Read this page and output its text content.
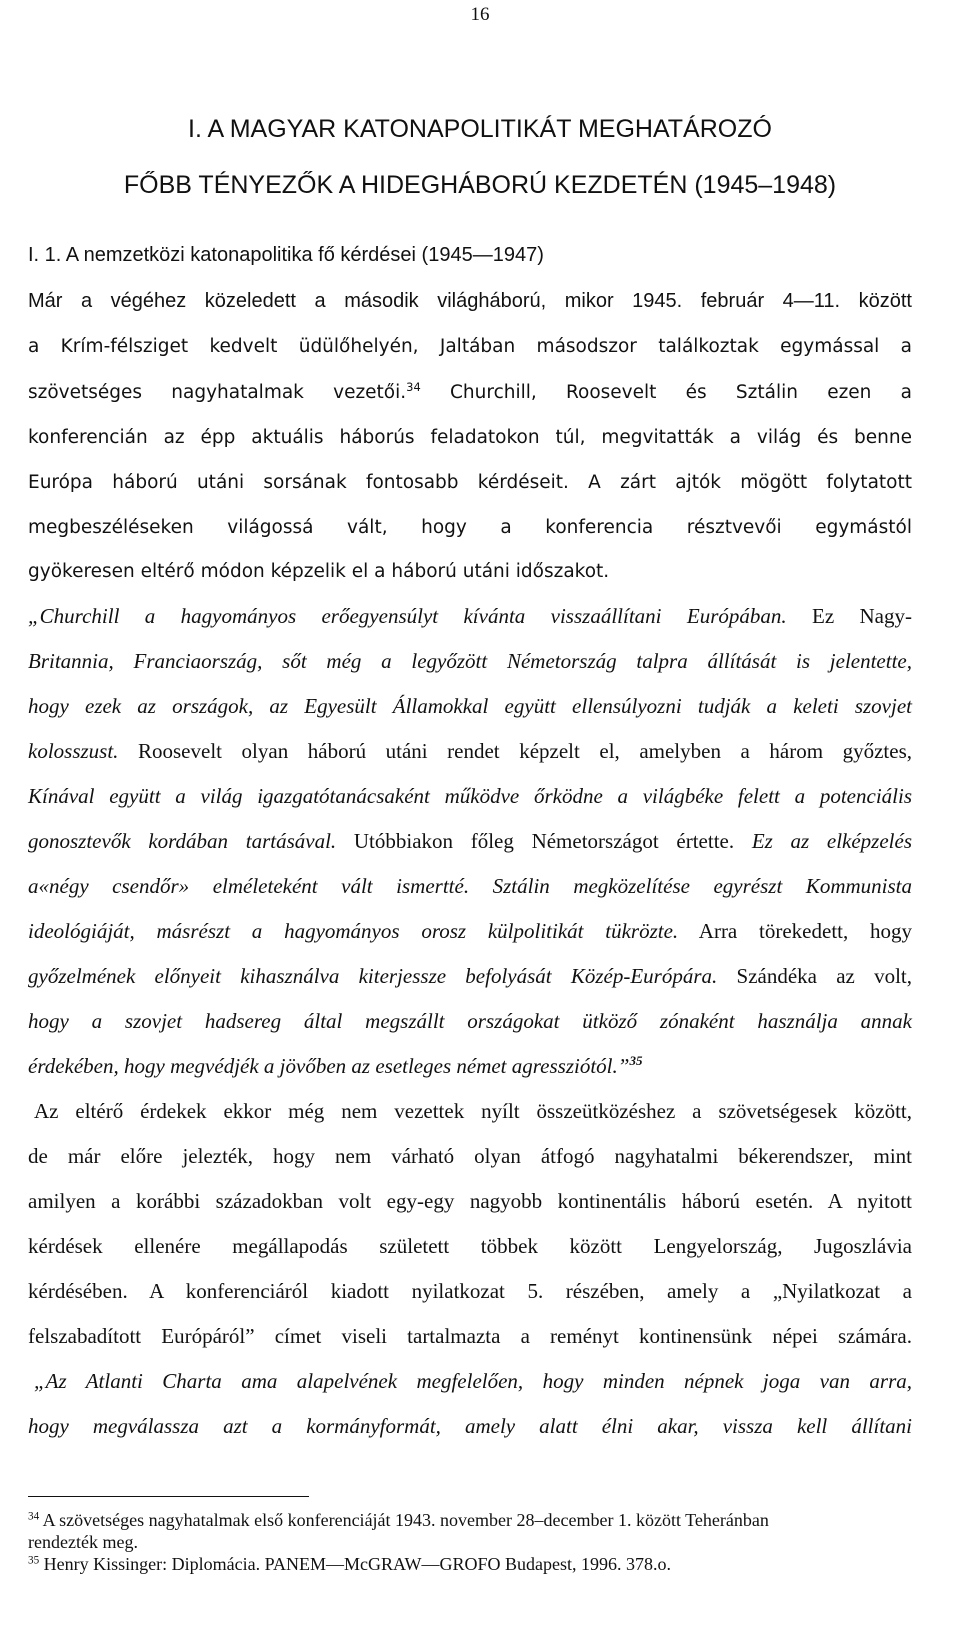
16
I. A MAGYAR KATONAPOLITIKÁT MEGHATÁROZÓ
FŐBB TÉNYEZŐK A HIDEGHÁBORÚ KEZDETÉN (1945–1948)
I. 1. A nemzetközi katonapolitika fő kérdései (1945—1947)
Már a végéhez közeledett a második világháború, mikor 1945. február 4—11. között
a Krím-félsziget kedvelt üdülőhelyén, Jaltában másodszor találkoztak egymással a
szövetséges nagyhatalmak vezetői.$^{34}$ Churchill, Roosevelt és Sztálin ezen a
konferencián az épp aktuális háborús feladatokon túl, megvitatták a világ és benne
Európa háború utáni sorsának fontosabb kérdéseit. A zárt ajtók mögött folytatott
megbeszéléseken világossá vált, hogy a konferencia résztvevői egymástól
gyökeresen eltérő módon képzelik el a háború utáni időszakot.
„Churchill a hagyományos erőegyensúlyt kívánta visszaállítani Európában. Ez Nagy-
Britannia, Franciaország, sőt még a legyőzött Németország talpra állítását is jelentette,
hogy ezek az országok, az Egyesült Államokkal együtt ellensúlyozni tudják a keleti szovjet
kolosszust. Roosevelt olyan háború utáni rendet képzelt el, amelyben a három győztes,
Kínával együtt a világ igazgatótanácsaként működve őrködne a világbéke felett a potenciális
gonosztevők kordában tartásával. Utóbbiakon főleg Németországot értette. Ez az elképzelés
a«négy csendőr» elméleteként vált ismertté. Sztálin megközelítése egyrészt Kommunista
ideológiáját, másrészt a hagyományos orosz külpolitikát tükrözte. Arra törekedett, hogy
győzelmének előnyeit kihasználva kiterjessze befolyását Közép-Európára. Szándéka az volt,
hogy a szovjet hadsereg által megszállt országokat ütköző zónaként használja annak
érdekében, hogy megvédjék a jövőben az esetleges német agressziótól.”$^{35}$
Az eltérő érdekek ekkor még nem vezettek nyílt összeütközéshez a szövetségesek között,
de már előre jelezték, hogy nem várható olyan átfogó nagyhatalmi békerendszer, mint
amilyen a korábbi századokban volt egy-egy nagyobb kontinentális háború esetén. A nyitott
kérdések ellenére megállapodás született többek között Lengyelország, Jugoszlávia
kérdésében. A konferenciáról kiadott nyilatkozat 5. részében, amely a „Nyilatkozat a
felszabadított Európáról” címet viseli tartalmazta a reményt kontinensünk népei számára.
„Az Atlanti Charta ama alapelvének megfelelően, hogy minden népnek joga van arra,
hogy megválassza azt a kormányformát, amely alatt élni akar, vissza kell állítani
$^{34}$ A szövetséges nagyhatalmak első konferenciáját 1943. november 28–december 1. között Teheránban
rendezték meg.
$^{35}$ Henry Kissinger: Diplomácia. PANEM—McGRAW—GROFO Budapest, 1996. 378.o.
